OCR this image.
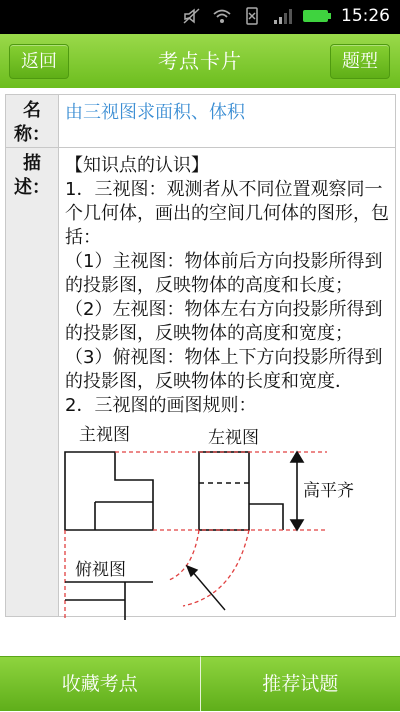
15:26
考点卡片
返回	题型
名
称：
由三视图求面积、体积
描
述：

【知识点的认识】

1．三视图：观测者从不同位置观察同一个几何体，画出的空间几何体的图形，包括：

（1）主视图：物体前后方向投影所得到的投影图，反映物体的高度和长度；

（2）左视图：物体左右方向投影所得到的投影图，反映物体的高度和宽度；

（3）俯视图：物体上下方向投影所得到的投影图，反映物体的长度和宽度．

2．三视图的画图规则：

主视图	左视图
高平齐
俯视图
收藏考点	推荐试题
